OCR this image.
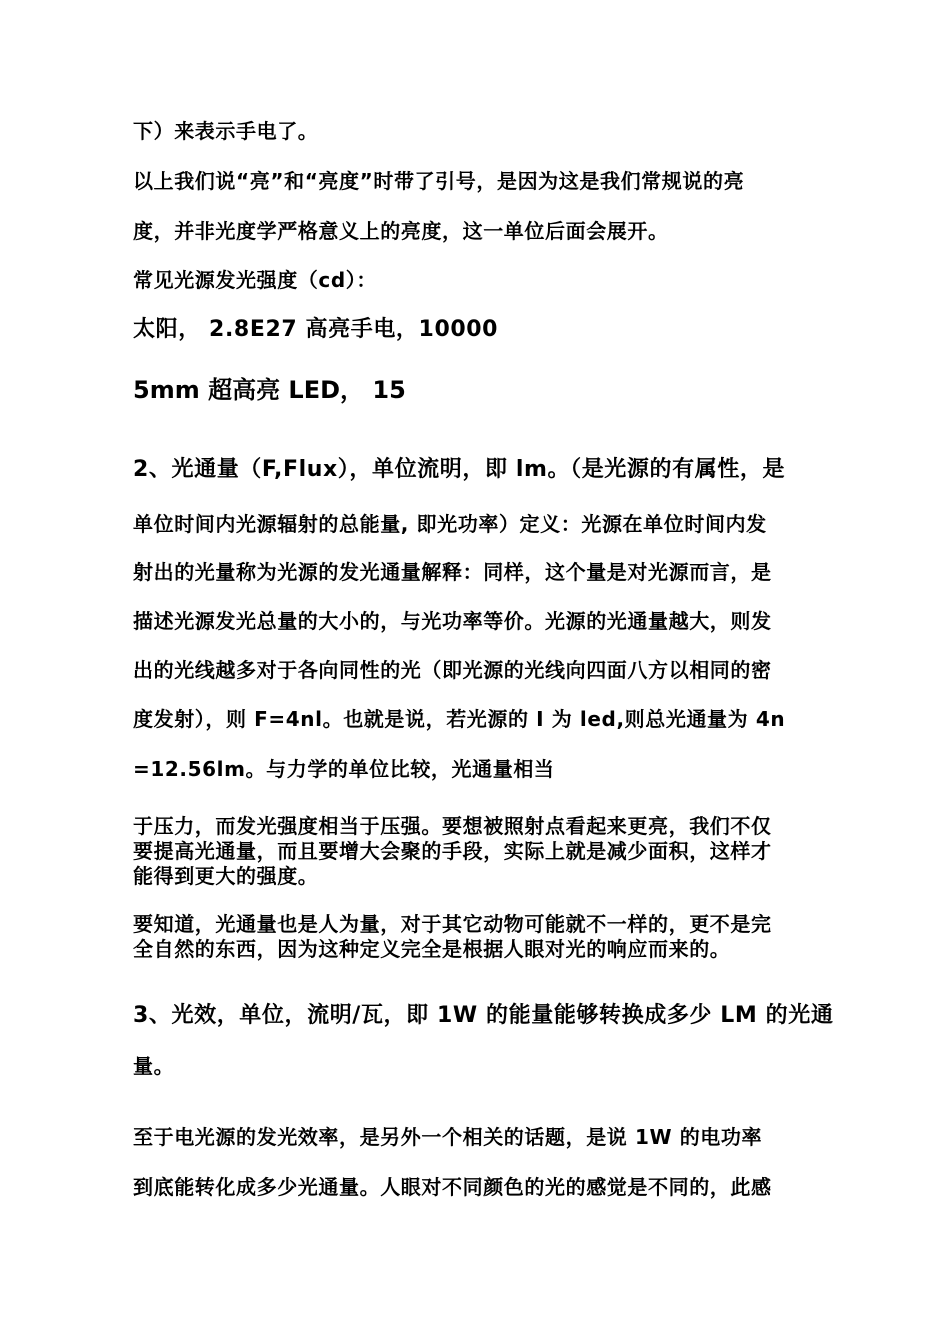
下）来表示手电了。
以上我们说“亮”和“亮度”时带了引号，是因为这是我们常规说的亮
度，并非光度学严格意义上的亮度，这一单位后面会展开。
常见光源发光强度（cd）：
太阳， 2.8E27 高亮手电，10000
5mm 超高亮 LED， 15
2、光通量（F,Flux），单位流明，即 lm。（是光源的有属性，是
单位时间内光源辐射的总能量, 即光功率）定义：光源在单位时间内发
射出的光量称为光源的发光通量解释：同样，这个量是对光源而言，是
描述光源发光总量的大小的，与光功率等价。光源的光通量越大，则发
出的光线越多对于各向同性的光（即光源的光线向四面八方以相同的密
度发射），则 F=4nl。也就是说，若光源的 I 为 led,则总光通量为 4n
=12.56lm。与力学的单位比较，光通量相当
于压力，而发光强度相当于压强。要想被照射点看起来更亮，我们不仅
要提高光通量，而且要增大会聚的手段，实际上就是减少面积，这样才
能得到更大的强度。
要知道，光通量也是人为量，对于其它动物可能就不一样的，更不是完
全自然的东西，因为这种定义完全是根据人眼对光的响应而来的。
3、光效，单位，流明/瓦，即 1W 的能量能够转换成多少 LM 的光通
量。
至于电光源的发光效率，是另外一个相关的话题，是说 1W 的电功率
到底能转化成多少光通量。人眼对不同颜色的光的感觉是不同的，此感
